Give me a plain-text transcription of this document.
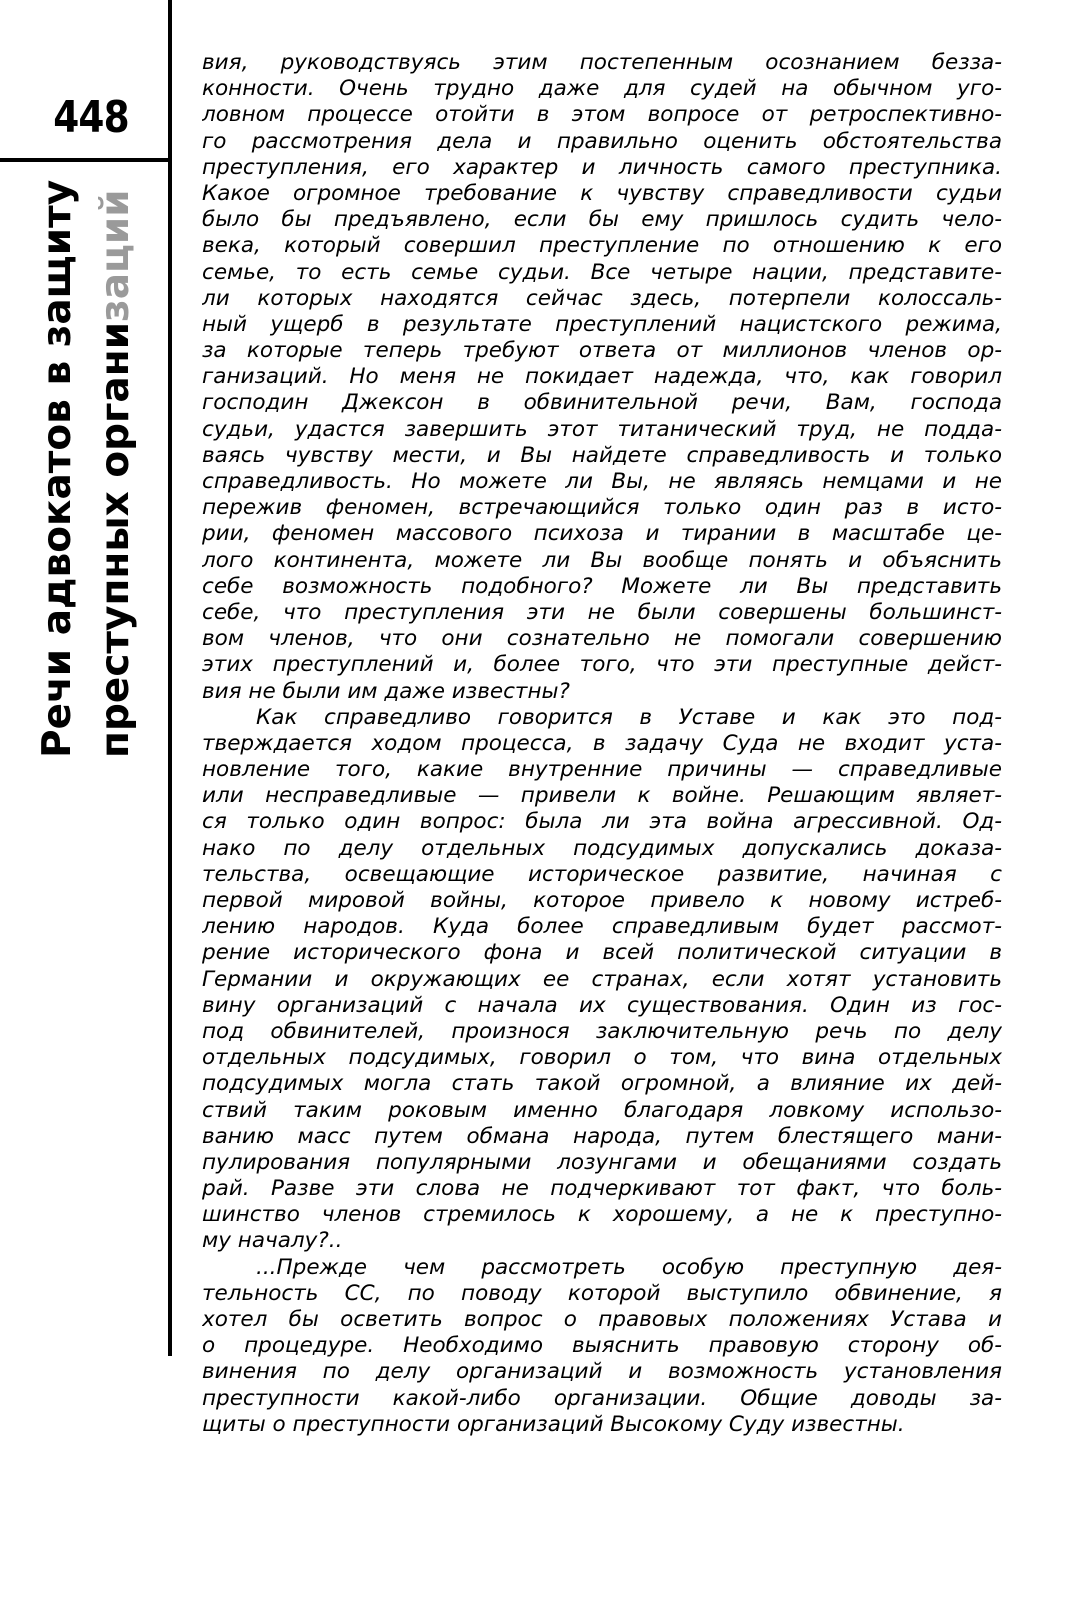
448
Речи адвокатов в защиту преступных организаций
вия, руководствуясь этим постепенным осознанием безза-
конности. Очень трудно даже для судей на обычном уго-
ловном процессе отойти в этом вопросе от ретроспективно-
го рассмотрения дела и правильно оценить обстоятельства
преступления, его характер и личность самого преступника.
Какое огромное требование к чувству справедливости судьи
было бы предъявлено, если бы ему пришлось судить чело-
века, который совершил преступление по отношению к его
семье, то есть семье судьи. Все четыре нации, представите-
ли которых находятся сейчас здесь, потерпели колоссаль-
ный ущерб в результате преступлений нацистского режима,
за которые теперь требуют ответа от миллионов членов ор-
ганизаций. Но меня не покидает надежда, что, как говорил
господин Джексон в обвинительной речи, Вам, господа
судьи, удастся завершить этот титанический труд, не подда-
ваясь чувству мести, и Вы найдете справедливость и только
справедливость. Но можете ли Вы, не являясь немцами и не
пережив феномен, встречающийся только один раз в исто-
рии, феномен массового психоза и тирании в масштабе це-
лого континента, можете ли Вы вообще понять и объяснить
себе возможность подобного? Можете ли Вы представить
себе, что преступления эти не были совершены большинст-
вом членов, что они сознательно не помогали совершению
этих преступлений и, более того, что эти преступные дейст-
вия не были им даже известны?
Как справедливо говорится в Уставе и как это под-
тверждается ходом процесса, в задачу Суда не входит уста-
новление того, какие внутренние причины — справедливые
или несправедливые — привели к войне. Решающим являет-
ся только один вопрос: была ли эта война агрессивной. Од-
нако по делу отдельных подсудимых допускались доказа-
тельства, освещающие историческое развитие, начиная с
первой мировой войны, которое привело к новому истреб-
лению народов. Куда более справедливым будет рассмот-
рение исторического фона и всей политической ситуации в
Германии и окружающих ее странах, если хотят установить
вину организаций с начала их существования. Один из гос-
под обвинителей, произнося заключительную речь по делу
отдельных подсудимых, говорил о том, что вина отдельных
подсудимых могла стать такой огромной, а влияние их дей-
ствий таким роковым именно благодаря ловкому использо-
ванию масс путем обмана народа, путем блестящего мани-
пулирования популярными лозунгами и обещаниями создать
рай. Разве эти слова не подчеркивают тот факт, что боль-
шинство членов стремилось к хорошему, а не к преступно-
му началу?..
...Прежде чем рассмотреть особую преступную дея-
тельность СС, по поводу которой выступило обвинение, я
хотел бы осветить вопрос о правовых положениях Устава и
о процедуре. Необходимо выяснить правовую сторону об-
винения по делу организаций и возможность установления
преступности какой-либо организации. Общие доводы за-
щиты о преступности организаций Высокому Суду известны.
